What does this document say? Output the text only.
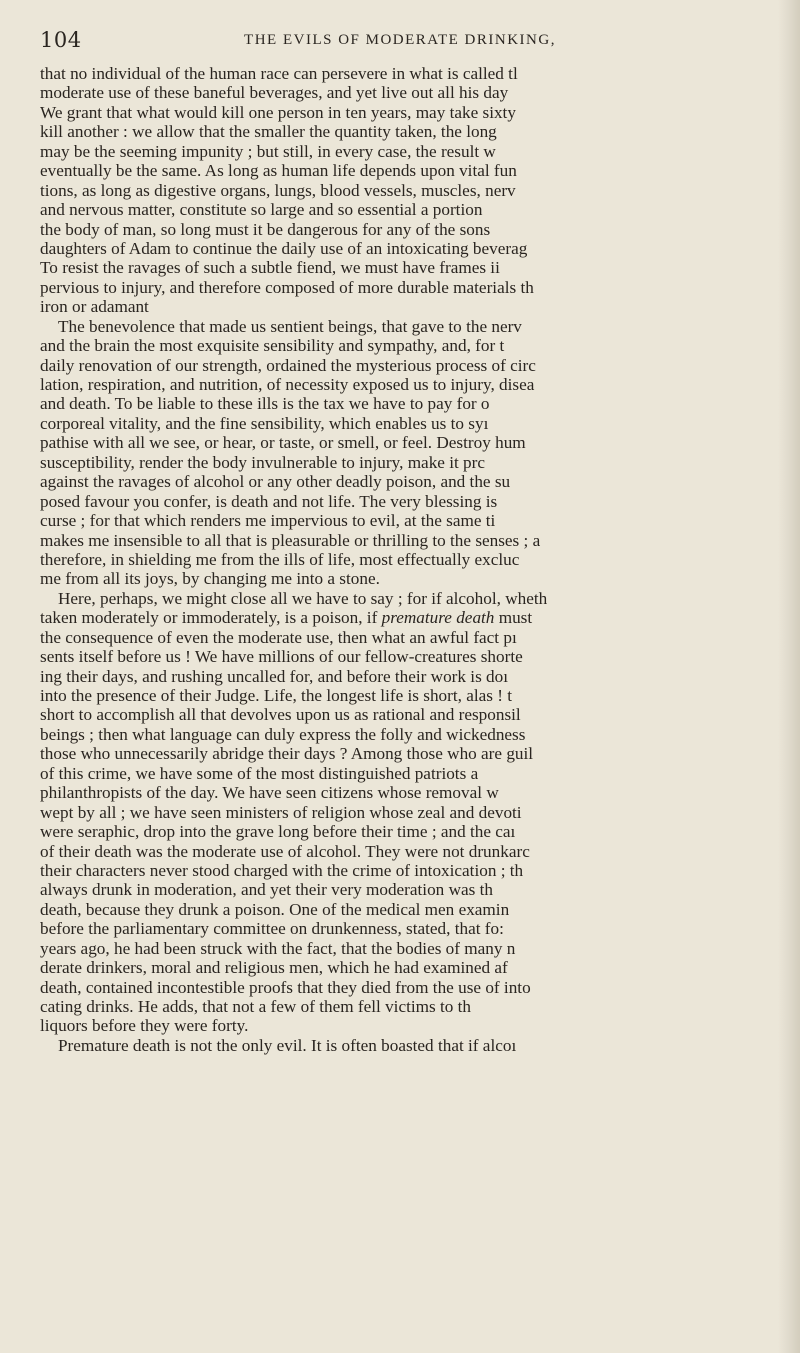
104	THE EVILS OF MODERATE DRINKING,
that no individual of the human race can persevere in what is called tl
moderate use of these baneful beverages, and yet live out all his day
We grant that what would kill one person in ten years, may take sixty
kill another : we allow that the smaller the quantity taken, the long
may be the seeming impunity ; but still, in every case, the result w
eventually be the same. As long as human life depends upon vital fun
tions, as long as digestive organs, lungs, blood vessels, muscles, nerv
and nervous matter, constitute so large and so essential a portion
the body of man, so long must it be dangerous for any of the sons
daughters of Adam to continue the daily use of an intoxicating beverag
To resist the ravages of such a subtle fiend, we must have frames ii
pervious to injury, and therefore composed of more durable materials th
iron or adamant
The benevolence that made us sentient beings, that gave to the nerv
and the brain the most exquisite sensibility and sympathy, and, for t
daily renovation of our strength, ordained the mysterious process of circ
lation, respiration, and nutrition, of necessity exposed us to injury, disea
and death. To be liable to these ills is the tax we have to pay for o
corporeal vitality, and the fine sensibility, which enables us to syı
pathise with all we see, or hear, or taste, or smell, or feel. Destroy hum
susceptibility, render the body invulnerable to injury, make it prc
against the ravages of alcohol or any other deadly poison, and the su
posed favour you confer, is death and not life. The very blessing is
curse ; for that which renders me impervious to evil, at the same ti
makes me insensible to all that is pleasurable or thrilling to the senses ; a
therefore, in shielding me from the ills of life, most effectually excluc
me from all its joys, by changing me into a stone.
Here, perhaps, we might close all we have to say ; for if alcohol, wheth
taken moderately or immoderately, is a poison, if premature death must
the consequence of even the moderate use, then what an awful fact pı
sents itself before us ! We have millions of our fellow-creatures shorte
ing their days, and rushing uncalled for, and before their work is doı
into the presence of their Judge. Life, the longest life is short, alas ! t
short to accomplish all that devolves upon us as rational and responsil
beings ; then what language can duly express the folly and wickedness
those who unnecessarily abridge their days ? Among those who are guil
of this crime, we have some of the most distinguished patriots a
philanthropists of the day. We have seen citizens whose removal w
wept by all ; we have seen ministers of religion whose zeal and devoti
were seraphic, drop into the grave long before their time ; and the caı
of their death was the moderate use of alcohol. They were not drunkarc
their characters never stood charged with the crime of intoxication ; th
always drunk in moderation, and yet their very moderation was th
death, because they drunk a poison. One of the medical men examin
before the parliamentary committee on drunkenness, stated, that fo:
years ago, he had been struck with the fact, that the bodies of many n
derate drinkers, moral and religious men, which he had examined af
death, contained incontestible proofs that they died from the use of into
cating drinks. He adds, that not a few of them fell victims to th
liquors before they were forty.
Premature death is not the only evil. It is often boasted that if alcoı
